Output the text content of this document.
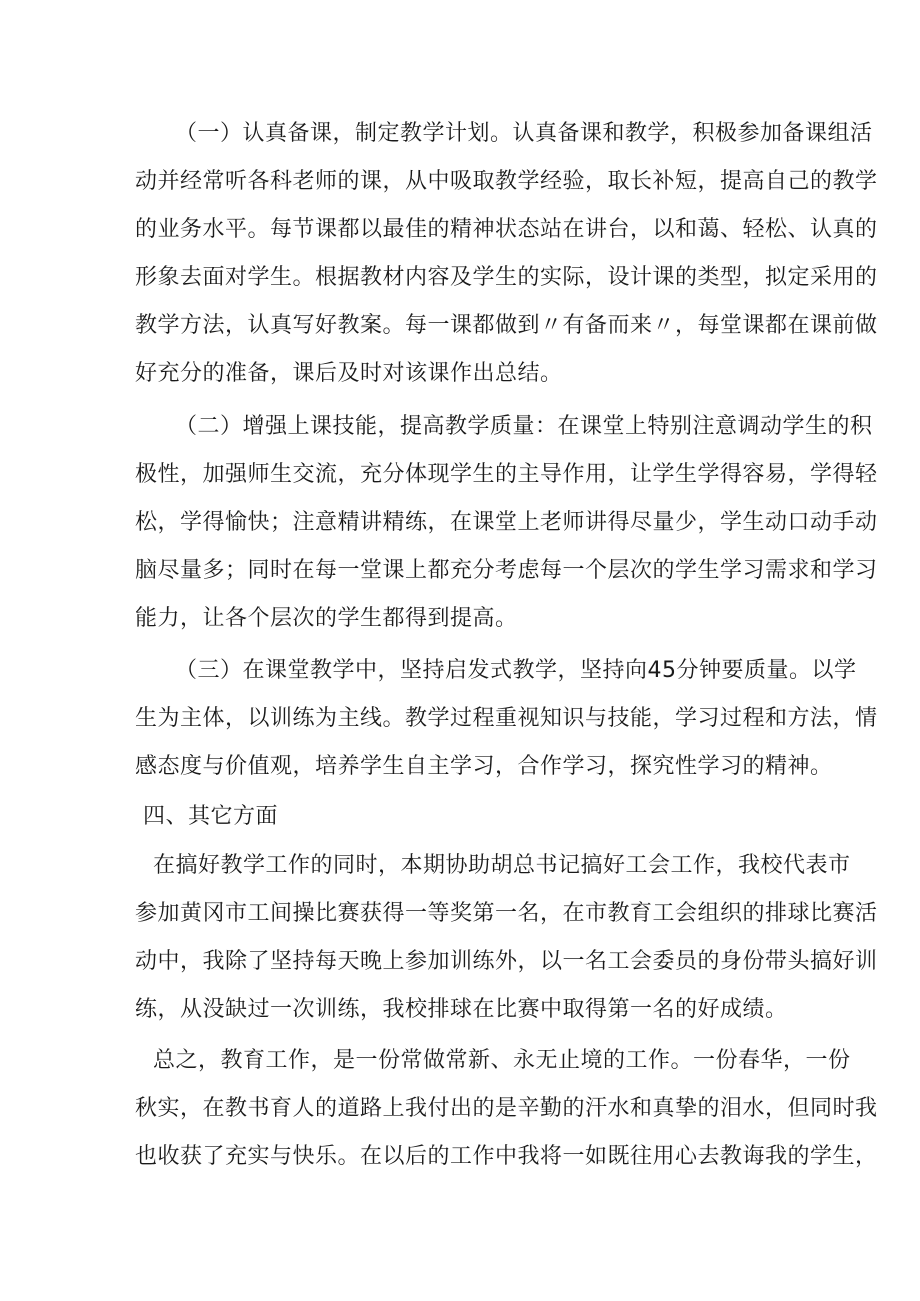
（一）认真备课，制定教学计划。认真备课和教学，积极参加备课组活
动并经常听各科老师的课，从中吸取教学经验，取长补短，提高自己的教学
的业务水平。每节课都以最佳的精神状态站在讲台，以和蔼、轻松、认真的
形象去面对学生。根据教材内容及学生的实际，设计课的类型，拟定采用的
教学方法，认真写好教案。每一课都做到〃有备而来〃，每堂课都在课前做
好充分的准备，课后及时对该课作出总结。

（二）增强上课技能，提高教学质量：在课堂上特别注意调动学生的积
极性，加强师生交流，充分体现学生的主导作用，让学生学得容易，学得轻
松，学得愉快；注意精讲精练，在课堂上老师讲得尽量少，学生动口动手动
脑尽量多；同时在每一堂课上都充分考虑每一个层次的学生学习需求和学习
能力，让各个层次的学生都得到提高。

（三）在课堂教学中，坚持启发式教学，坚持向45分钟要质量。以学
生为主体，以训练为主线。教学过程重视知识与技能，学习过程和方法，情
感态度与价值观，培养学生自主学习，合作学习，探究性学习的精神。

四、其它方面

在搞好教学工作的同时，本期协助胡总书记搞好工会工作，我校代表市
参加黄冈市工间操比赛获得一等奖第一名，在市教育工会组织的排球比赛活
动中，我除了坚持每天晚上参加训练外，以一名工会委员的身份带头搞好训
练，从没缺过一次训练，我校排球在比赛中取得第一名的好成绩。

总之，教育工作，是一份常做常新、永无止境的工作。一份春华，一份
秋实，在教书育人的道路上我付出的是辛勤的汗水和真挚的泪水，但同时我
也收获了充实与快乐。在以后的工作中我将一如既往用心去教诲我的学生，
